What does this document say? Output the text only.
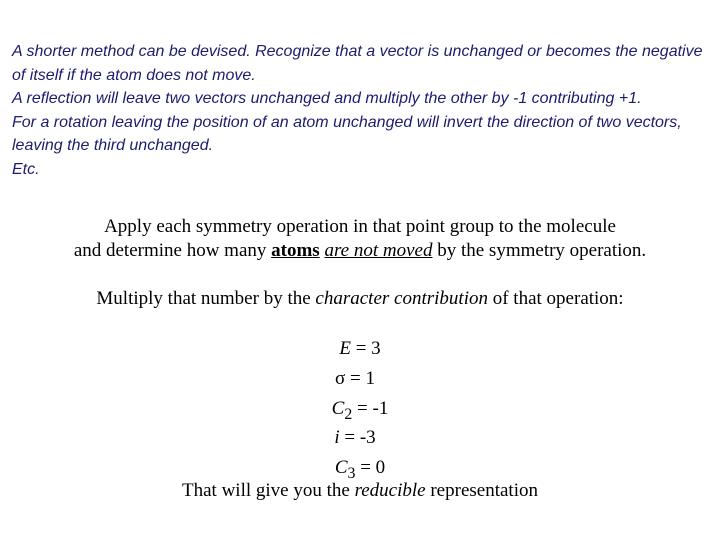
A shorter method can be devised. Recognize that a vector is unchanged or becomes the negative of itself if the atom does not move.

A reflection will leave two vectors unchanged and multiply the other by -1 contributing +1.

For a rotation leaving the position of an atom unchanged will invert the direction of two vectors, leaving the third unchanged.

Etc.

Apply each symmetry operation in that point group to the molecule

and determine how many atoms are not moved by the symmetry operation.

Multiply that number by the character contribution of that operation:

E = 3
σ = 1
$C_2 = -1$
i = -3
$C_3 = 0$

That will give you the reducible representation
